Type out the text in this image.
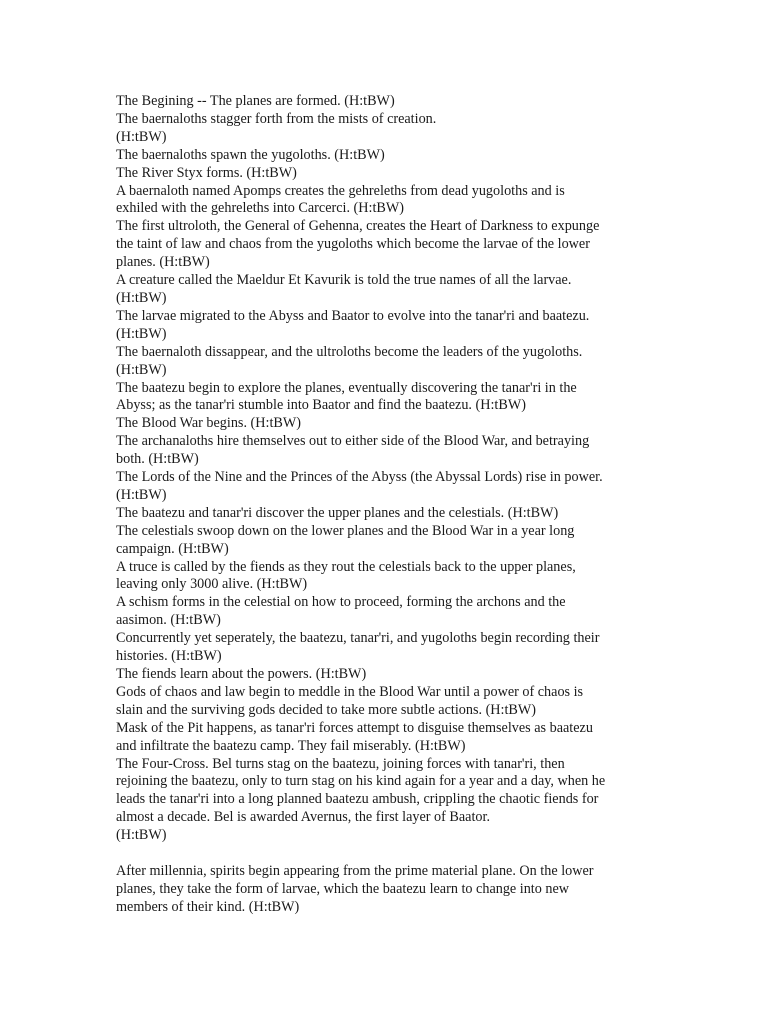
The Begining -- The planes are formed. (H:tBW)

The baernaloths stagger forth from the mists of creation.

(H:tBW)

The baernaloths spawn the yugoloths. (H:tBW)

The River Styx forms. (H:tBW)

A baernaloth named Apomps creates the gehreleths from dead yugoloths and is

exhiled with the gehreleths into Carcerci. (H:tBW)

The first ultroloth, the General of Gehenna, creates the Heart of Darkness to expunge

the taint of law and chaos from the yugoloths which become the larvae of the lower

planes. (H:tBW)

A creature called the Maeldur Et Kavurik is told the true names of all the larvae.

(H:tBW)

The larvae migrated to the Abyss and Baator to evolve into the tanar'ri and baatezu.

(H:tBW)

The baernaloth dissappear, and the ultroloths become the leaders of the yugoloths.

(H:tBW)

The baatezu begin to explore the planes, eventually discovering the tanar'ri in the

Abyss; as the tanar'ri stumble into Baator and find the baatezu. (H:tBW)

The Blood War begins. (H:tBW)

The archanaloths hire themselves out to either side of the Blood War, and betraying

both. (H:tBW)

The Lords of the Nine and the Princes of the Abyss (the Abyssal Lords) rise in power.

(H:tBW)

The baatezu and tanar'ri discover the upper planes and the celestials. (H:tBW)

The celestials swoop down on the lower planes and the Blood War in a year long

campaign. (H:tBW)

A truce is called by the fiends as they rout the celestials back to the upper planes,

leaving only 3000 alive. (H:tBW)

A schism forms in the celestial on how to proceed, forming the archons and the

aasimon. (H:tBW)

Concurrently yet seperately, the baatezu, tanar'ri, and yugoloths begin recording their

histories. (H:tBW)

The fiends learn about the powers. (H:tBW)

Gods of chaos and law begin to meddle in the Blood War until a power of chaos is

slain and the surviving gods decided to take more subtle actions. (H:tBW)

Mask of the Pit happens, as tanar'ri forces attempt to disguise themselves as baatezu

and infiltrate the baatezu camp. They fail miserably. (H:tBW)

The Four-Cross. Bel turns stag on the baatezu, joining forces with tanar'ri, then

rejoining the baatezu, only to turn stag on his kind again for a year and a day, when he

leads the tanar'ri into a long planned baatezu ambush, crippling the chaotic fiends for

almost a decade. Bel is awarded Avernus, the first layer of Baator.

(H:tBW)

After millennia, spirits begin appearing from the prime material plane. On the lower

planes, they take the form of larvae, which the baatezu learn to change into new

members of their kind. (H:tBW)
